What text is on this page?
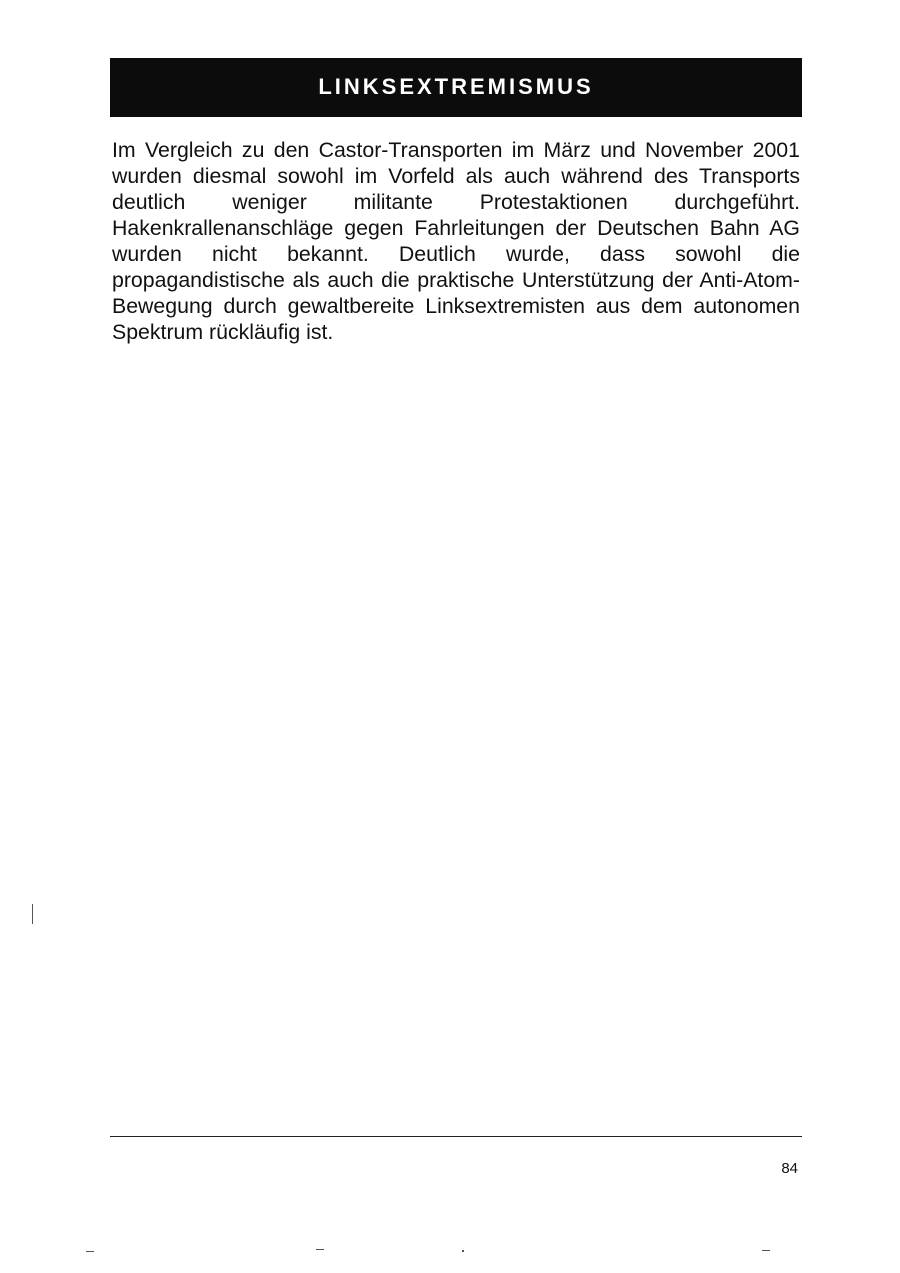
LINKSEXTREMISMUS

Im Vergleich zu den Castor-Transporten im März und November 2001 wurden diesmal sowohl im Vorfeld als auch während des Transports deutlich weniger militante Protestaktionen durchgeführt. Hakenkrallenanschläge gegen Fahrleitungen der Deutschen Bahn AG wurden nicht bekannt. Deutlich wurde, dass sowohl die propagandistische als auch die praktische Unterstützung der Anti-Atom-Bewegung durch gewaltbereite Linksextremisten aus dem autonomen Spektrum rückläufig ist.

84
